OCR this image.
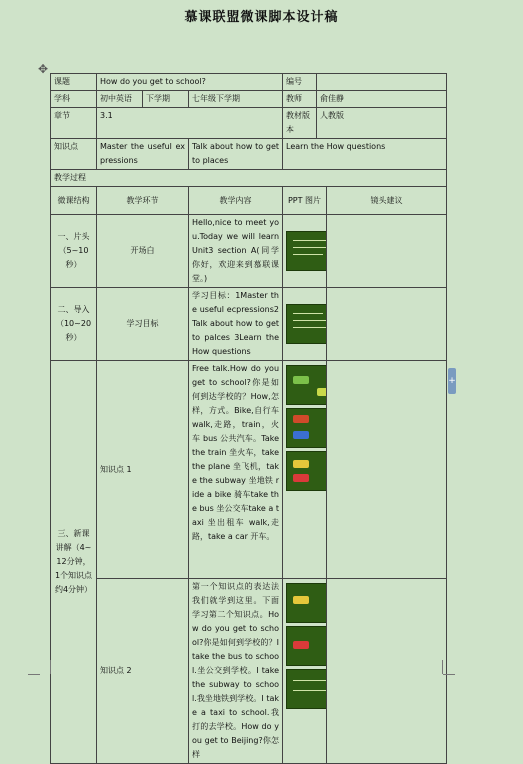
慕课联盟微课脚本设计稿
✥
+
课题	How do you get to school?			编号		
学科	初中英语	下学期	七年级下学期	教师	俞佳静	
章节	3.1			教材版本	人教版	
知识点	Master the useful expressions		Talk about how to get to places	Learn the How questions		
教学过程						
微课结构	教学环节		教学内容	PPT 图片		镜头建议
一、片头（5~10秒）	开场白		Hello,nice to meet you.Today we will learn Unit3 section A(同学你好，欢迎来到慕联课堂。)		

二、导入（10~20秒）	学习目标		学习目标：1Master the useful ecpressions2Talk about how to get to palces 3Learn the How questions		

三、新课讲解（4~12分钟，1个知识点约4分钟）	知识点 1		Free talk.How do you get to school?你是如何到达学校的？How,怎样，方式。Bike,自行车walk,走路，train，火车 bus 公共汽车。Take the train 坐火车，take the plane 坐飞机，take the subway 坐地铁 ride a bike 骑车take the bus 坐公交车take a taxi 坐出租车 walk,走路，take a car 开车。		

	知识点 2		第一个知识点的表达法我们就学到这里。下面学习第二个知识点。How do you get to school?你是如何到学校的？I take the bus to school.坐公交到学校。I take the subway to school.我坐地铁到学校。I take a taxi to school.我打的去学校。How do you get to Beijing?你怎样		
